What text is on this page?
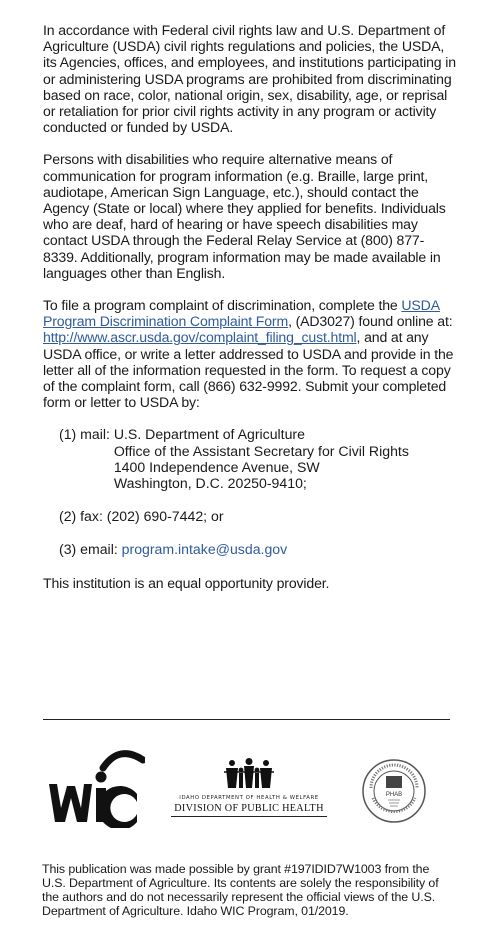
In accordance with Federal civil rights law and U.S. Department of Agriculture (USDA) civil rights regulations and policies, the USDA, its Agencies, offices, and employees, and institutions participating in or administering USDA programs are prohibited from discriminating based on race, color, national origin, sex, disability, age, or reprisal or retaliation for prior civil rights activity in any program or activity conducted or funded by USDA.

Persons with disabilities who require alternative means of communication for program information (e.g. Braille, large print, audiotape, American Sign Language, etc.), should contact the Agency (State or local) where they applied for benefits. Individuals who are deaf, hard of hearing or have speech disabilities may contact USDA through the Federal Relay Service at (800) 877-8339. Additionally, program information may be made available in languages other than English.

To file a program complaint of discrimination, complete the USDA Program Discrimination Complaint Form, (AD3027) found online at: http://www.ascr.usda.gov/complaint_filing_cust.html, and at any USDA office, or write a letter addressed to USDA and provide in the letter all of the information requested in the form. To request a copy of the complaint form, call (866) 632-9992. Submit your completed form or letter to USDA by:

(1) mail: U.S. Department of Agriculture
Office of the Assistant Secretary for Civil Rights
1400 Independence Avenue, SW
Washington, D.C. 20250-9410;
(2) fax: (202) 690-7442; or
(3) email: program.intake@usda.gov

This institution is an equal opportunity provider.

IDAHO DEPARTMENT OF HEALTH & WELFARE
DIVISION OF PUBLIC HEALTH
PHAB
This publication was made possible by grant #197IDID7W1003 from the U.S. Department of Agriculture. Its contents are solely the responsibility of the authors and do not necessarily represent the official views of the U.S. Department of Agriculture. Idaho WIC Program, 01/2019.
